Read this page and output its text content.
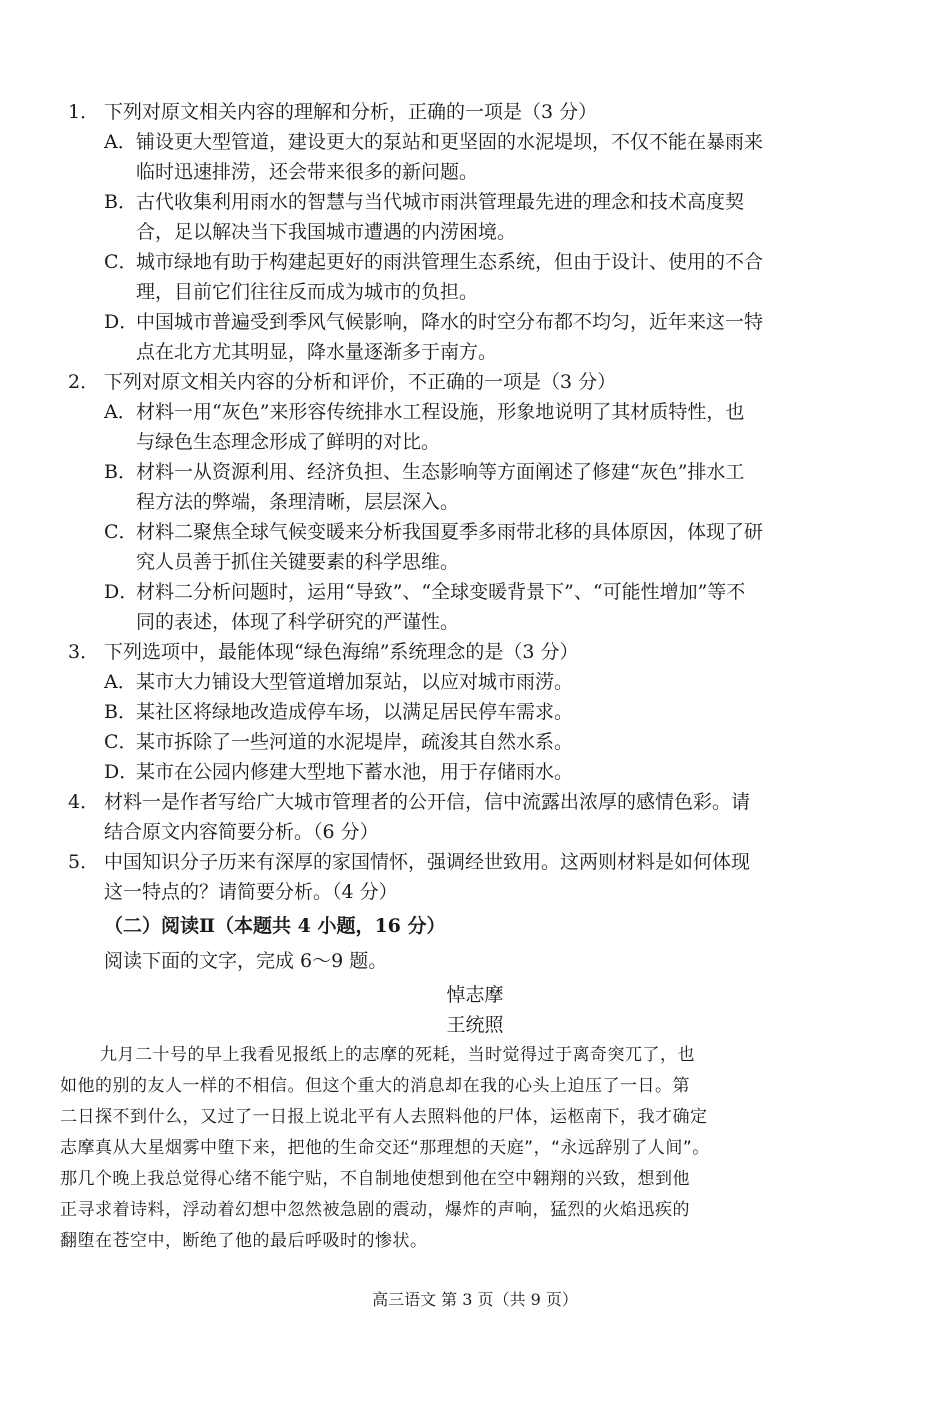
1． 下列对原文相关内容的理解和分析，正确的一项是（3 分）
A．铺设更大型管道，建设更大的泵站和更坚固的水泥堤坝，不仅不能在暴雨来
临时迅速排涝，还会带来很多的新问题。
B．古代收集利用雨水的智慧与当代城市雨洪管理最先进的理念和技术高度契
合，足以解决当下我国城市遭遇的内涝困境。
C．城市绿地有助于构建起更好的雨洪管理生态系统，但由于设计、使用的不合
理，目前它们往往反而成为城市的负担。
D．中国城市普遍受到季风气候影响，降水的时空分布都不均匀，近年来这一特
点在北方尤其明显，降水量逐渐多于南方。
2． 下列对原文相关内容的分析和评价，不正确的一项是（3 分）
A．材料一用“灰色”来形容传统排水工程设施，形象地说明了其材质特性，也
与绿色生态理念形成了鲜明的对比。
B．材料一从资源利用、经济负担、生态影响等方面阐述了修建“灰色”排水工
程方法的弊端，条理清晰，层层深入。
C．材料二聚焦全球气候变暖来分析我国夏季多雨带北移的具体原因，体现了研
究人员善于抓住关键要素的科学思维。
D．材料二分析问题时，运用“导致”、“全球变暖背景下”、“可能性增加”等不
同的表述，体现了科学研究的严谨性。
3． 下列选项中，最能体现“绿色海绵”系统理念的是（3 分）
A．某市大力铺设大型管道增加泵站，以应对城市雨涝。
B．某社区将绿地改造成停车场，以满足居民停车需求。
C．某市拆除了一些河道的水泥堤岸，疏浚其自然水系。
D．某市在公园内修建大型地下蓄水池，用于存储雨水。
4． 材料一是作者写给广大城市管理者的公开信，信中流露出浓厚的感情色彩。请
结合原文内容简要分析。（6 分）
5． 中国知识分子历来有深厚的家国情怀，强调经世致用。这两则材料是如何体现
这一特点的？请简要分析。（4 分）
（二）阅读Ⅱ（本题共 4 小题，16 分）
阅读下面的文字，完成 6～9 题。
悼志摩
王统照
九月二十号的早上我看见报纸上的志摩的死耗，当时觉得过于离奇突兀了，也
如他的别的友人一样的不相信。但这个重大的消息却在我的心头上迫压了一日。第
二日探不到什么，又过了一日报上说北平有人去照料他的尸体，运柩南下，我才确定
志摩真从大星烟雾中堕下来，把他的生命交还“那理想的天庭”，“永远辞别了人间”。
那几个晚上我总觉得心绪不能宁贴，不自制地使想到他在空中翱翔的兴致，想到他
正寻求着诗料，浮动着幻想中忽然被急剧的震动，爆炸的声响，猛烈的火焰迅疾的
翻堕在苍空中，断绝了他的最后呼吸时的惨状。
高三语文 第 3 页（共 9 页）
